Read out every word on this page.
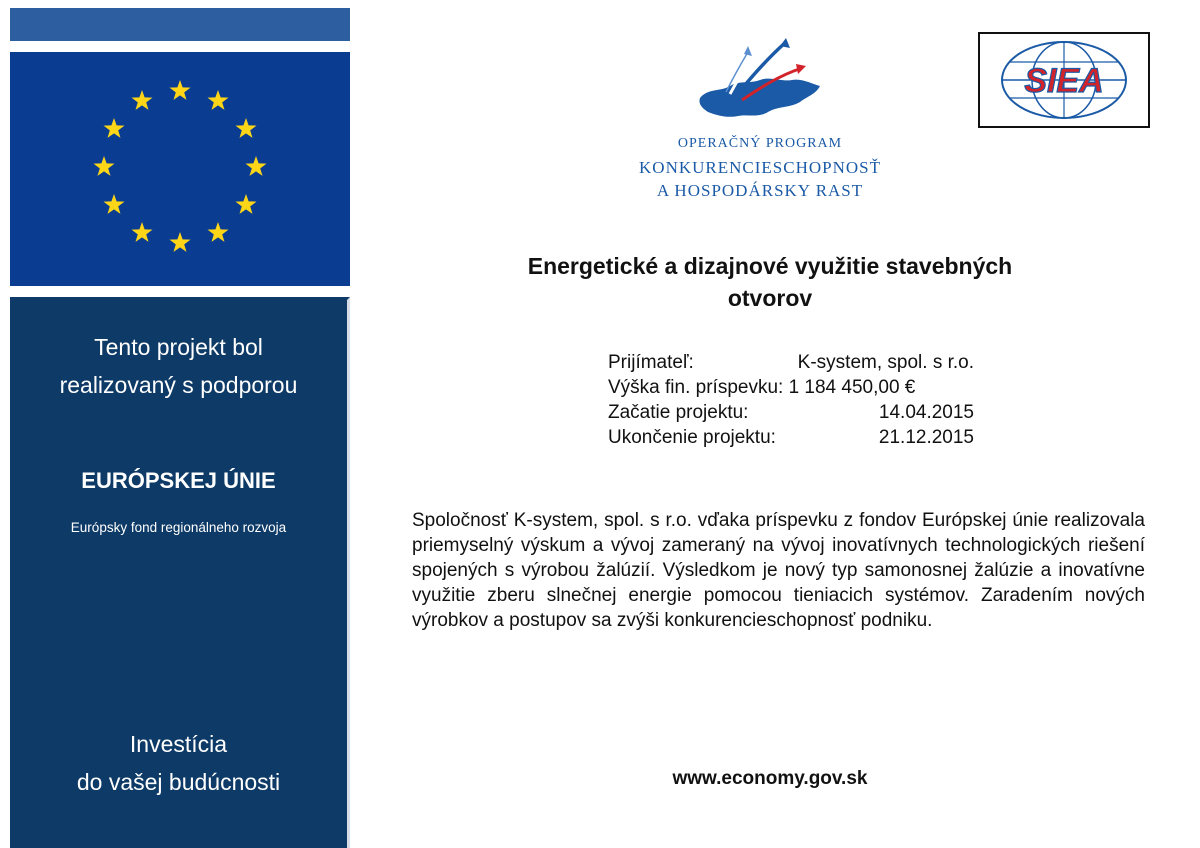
Tento projekt bol
realizovaný s podporou
EURÓPSKEJ ÚNIE
Európsky fond regionálneho rozvoja
Investícia
do vašej budúcnosti
OPERAČNÝ PROGRAM
KONKURENCIESCHOPNOSŤ
A HOSPODÁRSKY RAST
SIEA
Energetické a dizajnové využitie stavebných
otvorov
Prijímateľ:	K-system, spol. s r.o.
Výška fin. príspevku: 1 184 450,00 €
Začatie projektu:	14.04.2015
Ukončenie projektu:	21.12.2015
Spoločnosť K-system, spol. s r.o. vďaka príspevku z fondov Európskej únie realizovala priemyselný výskum a vývoj zameraný na vývoj inovatívnych technologických riešení spojených s výrobou žalúzií. Výsledkom je nový typ samonosnej žalúzie a inovatívne využitie zberu slnečnej energie pomocou tieniacich systémov. Zaradením nových výrobkov a postupov sa zvýši konkurencieschopnosť podniku.
www.economy.gov.sk
